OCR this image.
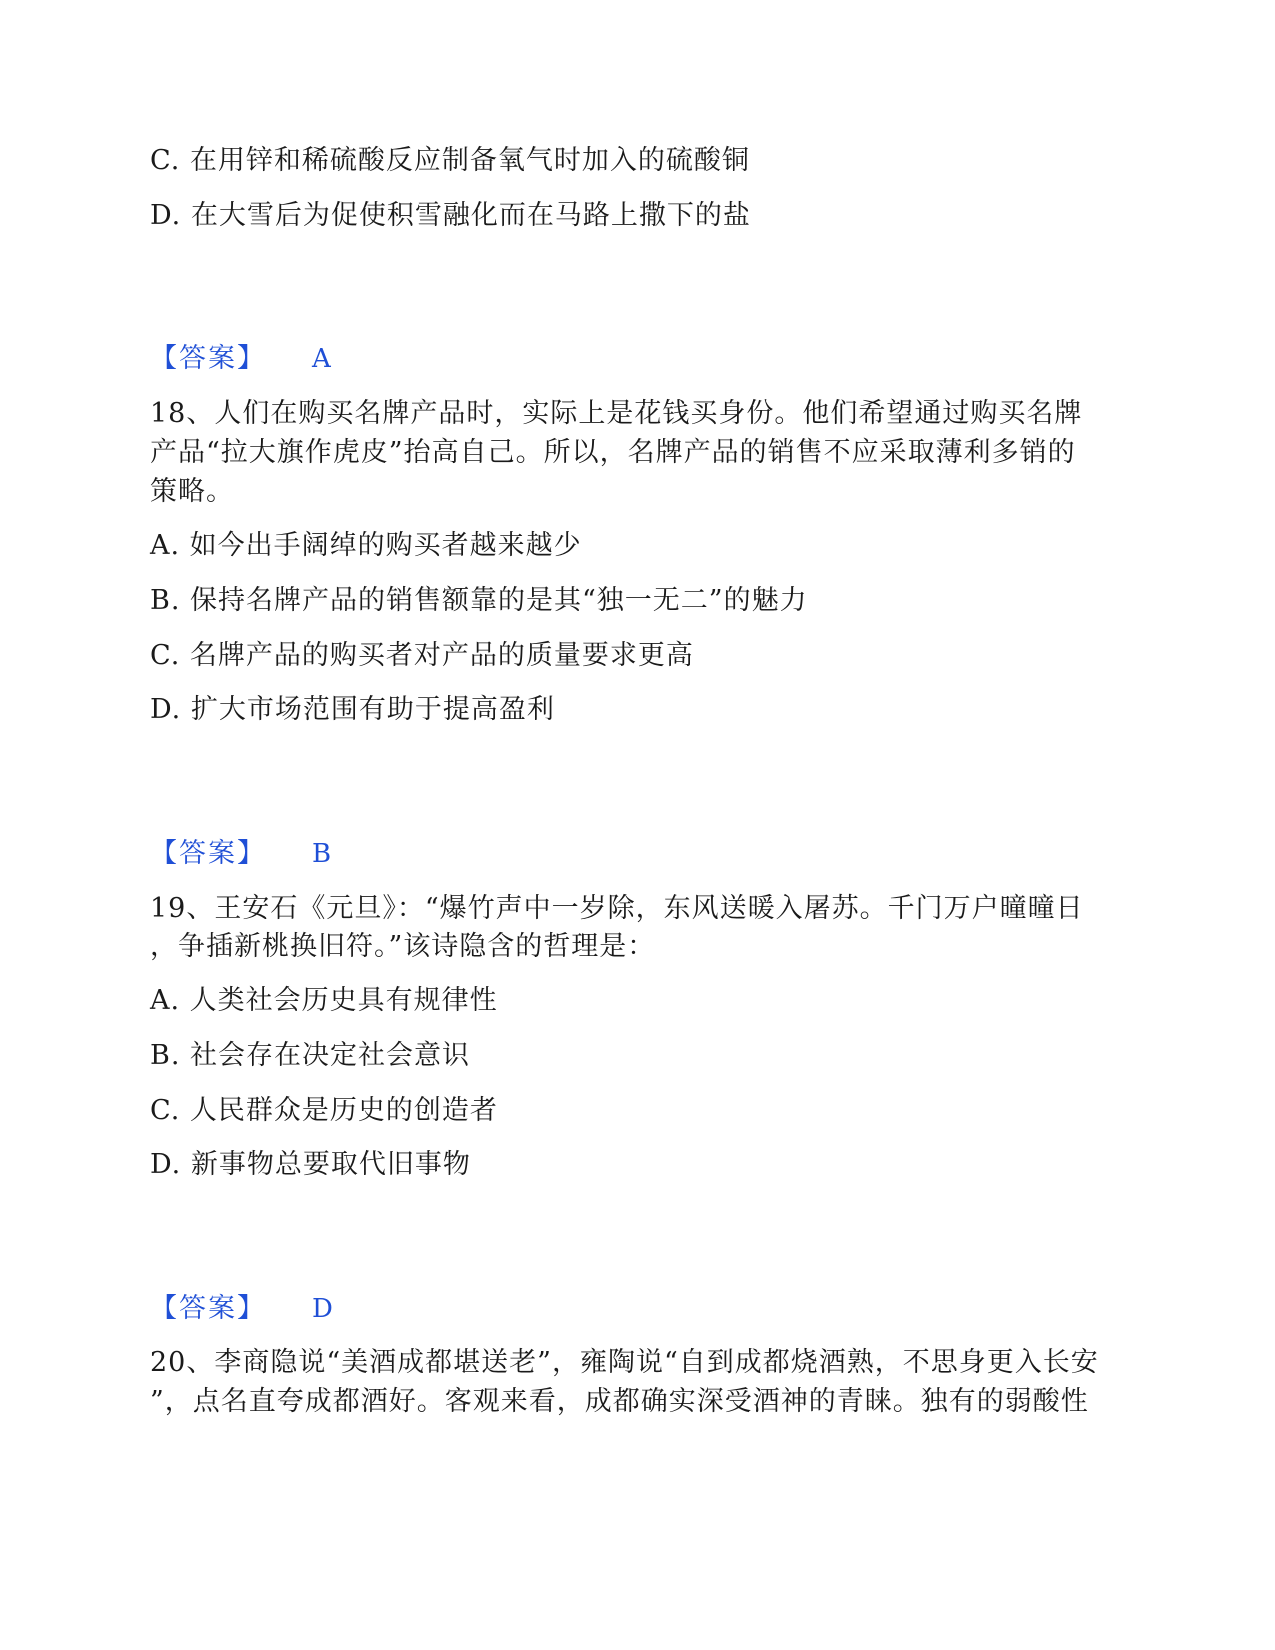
C. 在用锌和稀硫酸反应制备氧气时加入的硫酸铜
D. 在大雪后为促使积雪融化而在马路上撒下的盐
【答案】 A
18、人们在购买名牌产品时，实际上是花钱买身份。他们希望通过购买名牌
产品“拉大旗作虎皮”抬高自己。所以，名牌产品的销售不应采取薄利多销的
策略。
A. 如今出手阔绰的购买者越来越少
B. 保持名牌产品的销售额靠的是其“独一无二”的魅力
C. 名牌产品的购买者对产品的质量要求更高
D. 扩大市场范围有助于提高盈利
【答案】 B
19、王安石《元旦》：“爆竹声中一岁除，东风送暖入屠苏。千门万户曈曈日
，争插新桃换旧符。”该诗隐含的哲理是：
A. 人类社会历史具有规律性
B. 社会存在决定社会意识
C. 人民群众是历史的创造者
D. 新事物总要取代旧事物
【答案】 D
20、李商隐说“美酒成都堪送老”，雍陶说“自到成都烧酒熟，不思身更入长安
”，点名直夸成都酒好。客观来看，成都确实深受酒神的青睐。独有的弱酸性
